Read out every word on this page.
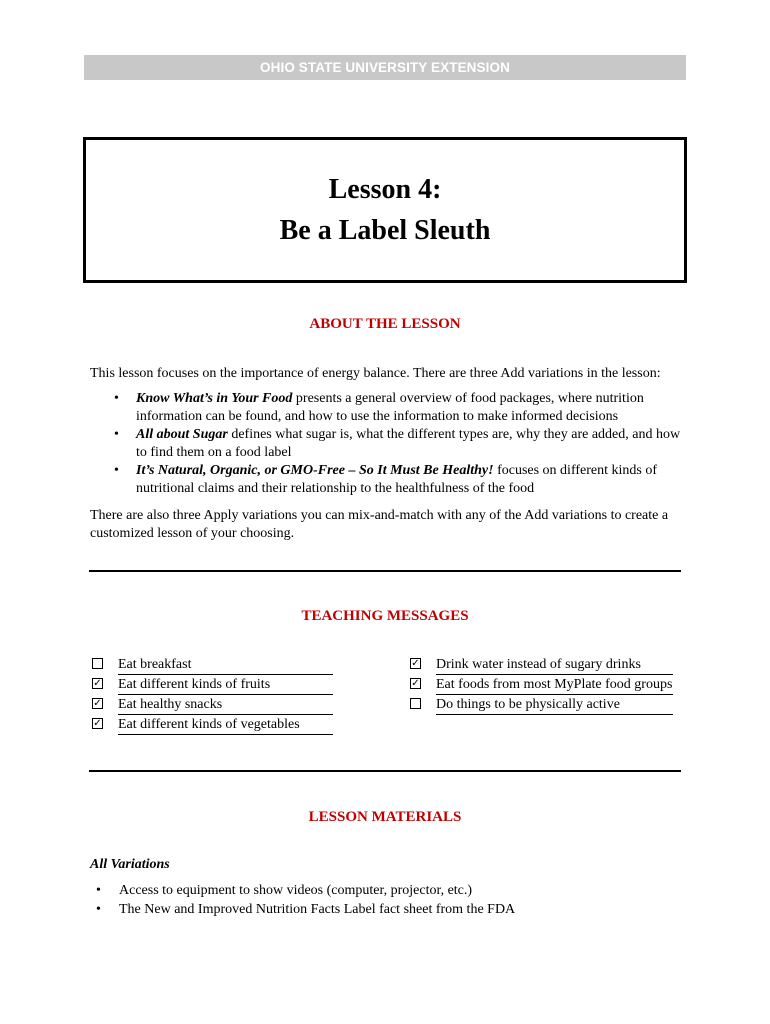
OHIO STATE UNIVERSITY EXTENSION
Lesson 4:
Be a Label Sleuth
ABOUT THE LESSON
This lesson focuses on the importance of energy balance. There are three Add variations in the lesson:
• Know What’s in Your Food presents a general overview of food packages, where nutrition information can be found, and how to use the information to make informed decisions
• All about Sugar defines what sugar is, what the different types are, why they are added, and how to find them on a food label
• It’s Natural, Organic, or GMO-Free – So It Must Be Healthy! focuses on different kinds of nutritional claims and their relationship to the healthfulness of the food
There are also three Apply variations you can mix-and-match with any of the Add variations to create a customized lesson of your choosing.
TEACHING MESSAGES
Eat breakfast
✓ Eat different kinds of fruits
✓ Eat healthy snacks
✓ Eat different kinds of vegetables
✓ Drink water instead of sugary drinks
✓ Eat foods from most MyPlate food groups
Do things to be physically active
LESSON MATERIALS
All Variations
• Access to equipment to show videos (computer, projector, etc.)
• The New and Improved Nutrition Facts Label fact sheet from the FDA
